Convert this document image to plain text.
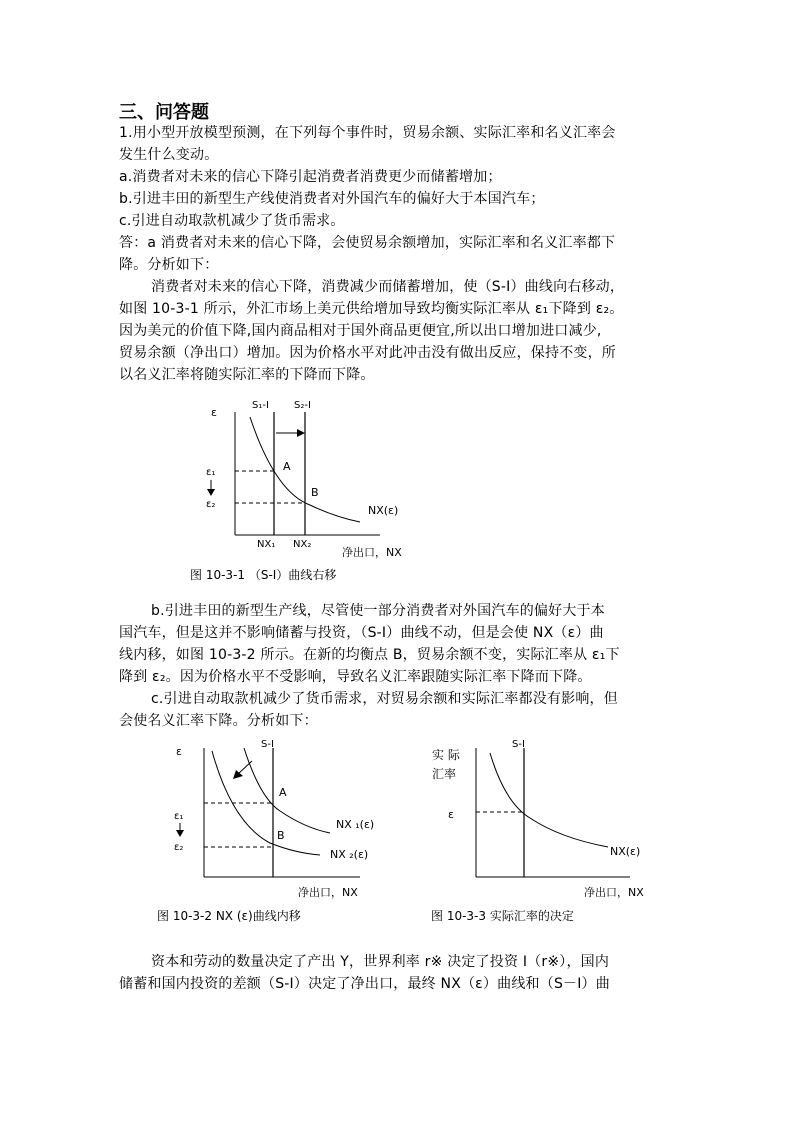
三、问答题

1.用小型开放模型预测，在下列每个事件时，贸易余额、实际汇率和名义汇率会

发生什么变动。

a.消费者对未来的信心下降引起消费者消费更少而储蓄增加；

b.引进丰田的新型生产线使消费者对外国汽车的偏好大于本国汽车；

c.引进自动取款机减少了货币需求。

答：a 消费者对未来的信心下降，会使贸易余额增加，实际汇率和名义汇率都下

降。分析如下：

消费者对未来的信心下降，消费减少而储蓄增加，使（S-I）曲线向右移动，

如图 10-3-1 所示，外汇市场上美元供给增加导致均衡实际汇率从 ε₁下降到 ε₂。

因为美元的价值下降,国内商品相对于国外商品更便宜,所以出口增加进口减少,

贸易余额（净出口）增加。因为价格水平对此冲击没有做出反应，保持不变，所

以名义汇率将随实际汇率的下降而下降。

ε
ε₁
ε₂
S₁-I	S₂-I
A
B
NX(ε)
NX₁ NX₂
净出口，NX
图 10-3-1 （S-I）曲线右移

b.引进丰田的新型生产线，尽管使一部分消费者对外国汽车的偏好大于本

国汽车，但是这并不影响储蓄与投资，（S-I）曲线不动，但是会使 NX（ε）曲

线内移，如图 10-3-2 所示。在新的均衡点 B，贸易余额不变，实际汇率从 ε₁下

降到 ε₂。因为价格水平不受影响，导致名义汇率跟随实际汇率下降而下降。

c.引进自动取款机减少了货币需求，对贸易余额和实际汇率都没有影响，但

会使名义汇率下降。分析如下：

ε
ε₁
ε₂
S-I
A
B
NX ₁(ε)
NX ₂(ε)
净出口，NX
图 10-3-2 NX (ε)曲线内移
实 际
汇率
ε
S-I
NX(ε)
净出口，NX
图 10-3-3 实际汇率的决定

资本和劳动的数量决定了产出 Y，世界利率 r※ 决定了投资 I（r※），国内

储蓄和国内投资的差额（S-I）决定了净出口，最终 NX（ε）曲线和（S－I）曲
